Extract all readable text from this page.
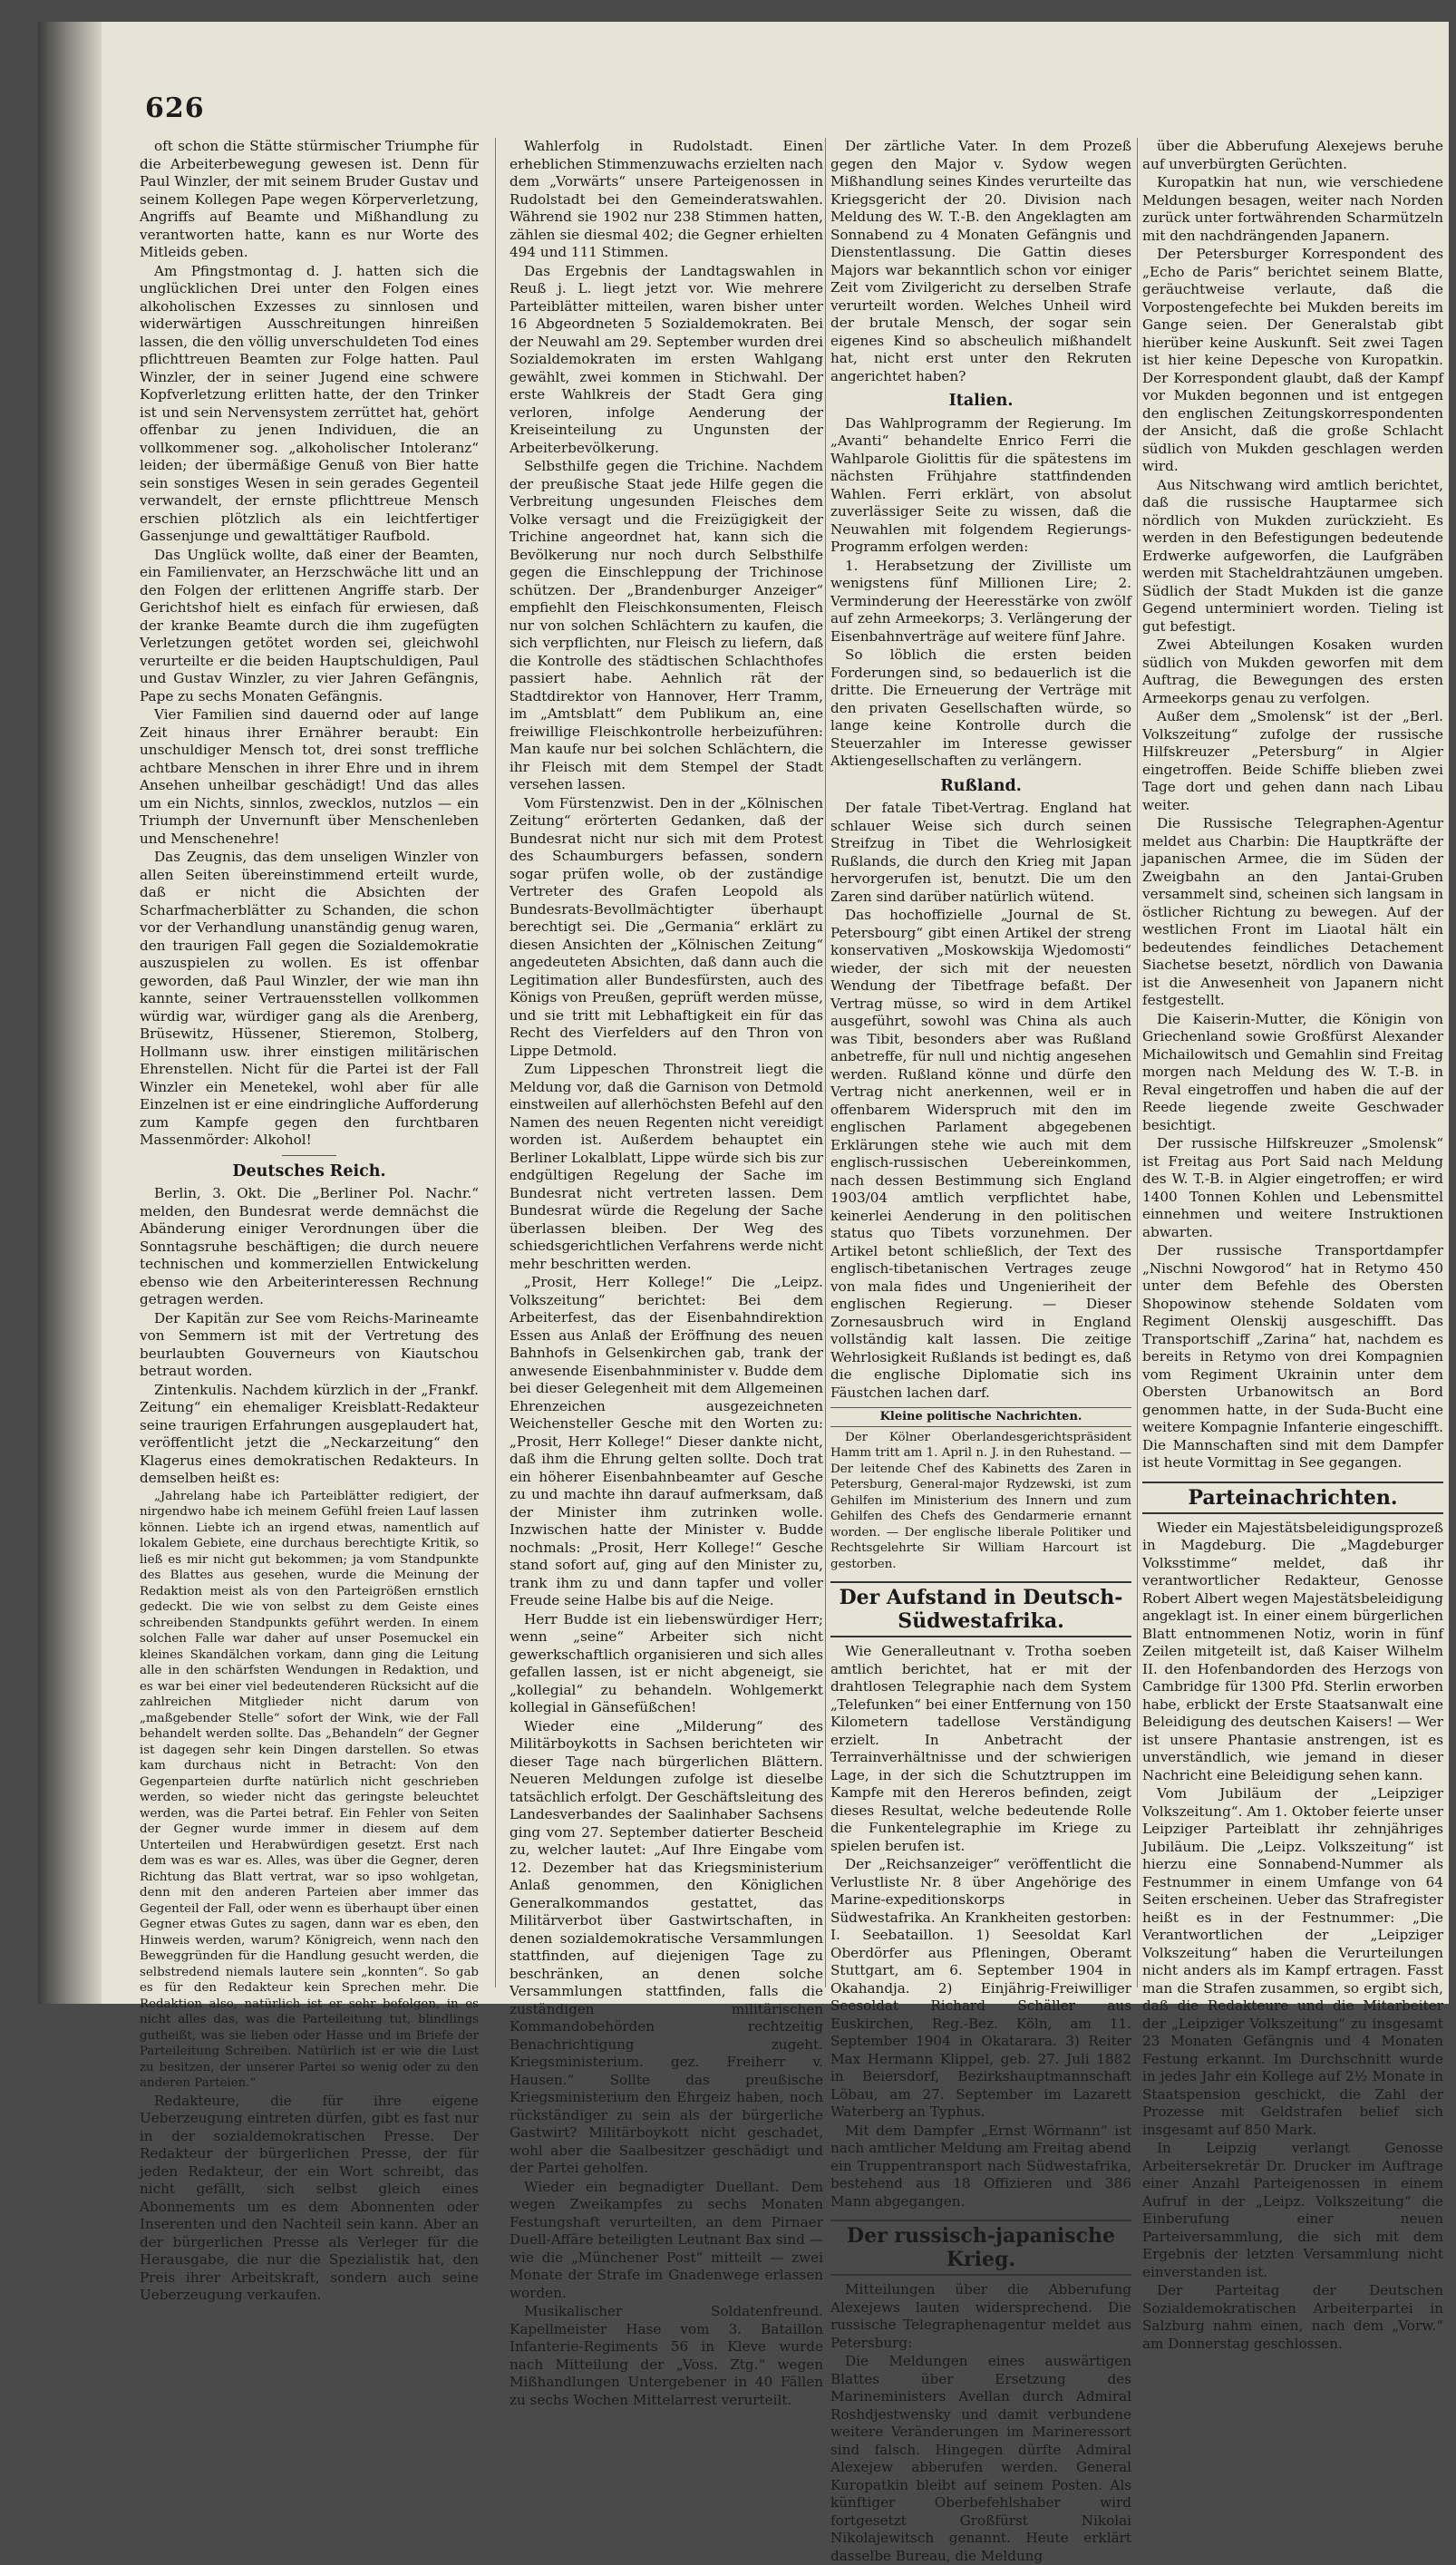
626

oft schon die Stätte stürmischer Triumphe für die Arbeiterbewegung gewesen ist. Denn für Paul Winzler, der mit seinem Bruder Gustav und seinem Kollegen Pape wegen Körperverletzung, Angriffs auf Beamte und Mißhandlung zu verantworten hatte, kann es nur Worte des Mitleids geben.

Am Pfingstmontag d. J. hatten sich die unglücklichen Drei unter den Folgen eines alkoholischen Exzesses zu sinnlosen und widerwärtigen Ausschreitungen hinreißen lassen, die den völlig unverschuldeten Tod eines pflichttreuen Beamten zur Folge hatten. Paul Winzler, der in seiner Jugend eine schwere Kopfverletzung erlitten hatte, der den Trinker ist und sein Nervensystem zerrüttet hat, gehört offenbar zu jenen Individuen, die an vollkommener sog. „alkoholischer Intoleranz“ leiden; der übermäßige Genuß von Bier hatte sein sonstiges Wesen in sein gerades Gegenteil verwandelt, der ernste pflichttreue Mensch erschien plötzlich als ein leichtfertiger Gassenjunge und gewalttätiger Raufbold.

Das Unglück wollte, daß einer der Beamten, ein Familienvater, an Herzschwäche litt und an den Folgen der erlittenen Angriffe starb. Der Gerichtshof hielt es einfach für erwiesen, daß der kranke Beamte durch die ihm zugefügten Verletzungen getötet worden sei, gleichwohl verurteilte er die beiden Hauptschuldigen, Paul und Gustav Winzler, zu vier Jahren Gefängnis, Pape zu sechs Monaten Gefängnis.

Vier Familien sind dauernd oder auf lange Zeit hinaus ihrer Ernährer beraubt: Ein unschuldiger Mensch tot, drei sonst treffliche achtbare Menschen in ihrer Ehre und in ihrem Ansehen unheilbar geschädigt! Und das alles um ein Nichts, sinnlos, zwecklos, nutzlos — ein Triumph der Unvernunft über Menschenleben und Menschenehre!

Das Zeugnis, das dem unseligen Winzler von allen Seiten übereinstimmend erteilt wurde, daß er nicht die Absichten der Scharfmacherblätter zu Schanden, die schon vor der Verhandlung unanständig genug waren, den traurigen Fall gegen die Sozialdemokratie auszuspielen zu wollen. Es ist offenbar geworden, daß Paul Winzler, der wie man ihn kannte, seiner Vertrauensstellen vollkommen würdig war, würdiger gang als die Arenberg, Brüsewitz, Hüssener, Stieremon, Stolberg, Hollmann usw. ihrer einstigen militärischen Ehrenstellen. Nicht für die Partei ist der Fall Winzler ein Menetekel, wohl aber für alle Einzelnen ist er eine eindringliche Aufforderung zum Kampfe gegen den furchtbaren Massenmörder: Alkohol!

Deutsches Reich.

Berlin, 3. Okt. Die „Berliner Pol. Nachr.“ melden, den Bundesrat werde demnächst die Abänderung einiger Verordnungen über die Sonntagsruhe beschäftigen; die durch neuere technischen und kommerziellen Entwickelung ebenso wie den Arbeiterinteressen Rechnung getragen werden.

Der Kapitän zur See vom Reichs-Marineamte von Semmern ist mit der Vertretung des beurlaubten Gouverneurs von Kiautschou betraut worden.

Zintenkulis. Nachdem kürzlich in der „Frankf. Zeitung“ ein ehemaliger Kreisblatt-Redakteur seine traurigen Erfahrungen ausgeplaudert hat, veröffentlicht jetzt die „Neckarzeitung“ den Klagerus eines demokratischen Redakteurs. In demselben heißt es:

„Jahrelang habe ich Parteiblätter redigiert, der nirgendwo habe ich meinem Gefühl freien Lauf lassen können. Liebte ich an irgend etwas, namentlich auf lokalem Gebiete, eine durchaus berechtigte Kritik, so ließ es mir nicht gut bekommen; ja vom Standpunkte des Blattes aus gesehen, wurde die Meinung der Redaktion meist als von den Parteigrößen ernstlich gedeckt. Die wie von selbst zu dem Geiste eines schreibenden Standpunkts geführt werden. In einem solchen Falle war daher auf unser Posemuckel ein kleines Skandälchen vorkam, dann ging die Leitung alle in den schärfsten Wendungen in Redaktion, und es war bei einer viel bedeutenderen Rücksicht auf die zahlreichen Mitglieder nicht darum von „maßgebender Stelle“ sofort der Wink, wie der Fall behandelt werden sollte. Das „Behandeln“ der Gegner ist dagegen sehr kein Dingen darstellen. So etwas kam durchaus nicht in Betracht: Von den Gegenparteien durfte natürlich nicht geschrieben werden, so wieder nicht das geringste beleuchtet werden, was die Partei betraf. Ein Fehler von Seiten der Gegner wurde immer in diesem auf dem Unterteilen und Herabwürdigen gesetzt. Erst nach dem was es war es. Alles, was über die Gegner, deren Richtung das Blatt vertrat, war so ipso wohlgetan, denn mit den anderen Parteien aber immer das Gegenteil der Fall, oder wenn es überhaupt über einen Gegner etwas Gutes zu sagen, dann war es eben, den Hinweis werden, warum? Königreich, wenn nach den Beweggründen für die Handlung gesucht werden, die selbstredend niemals lautere sein „konnten“. So gab es für den Redakteur kein Sprechen mehr. Die Redaktion also, natürlich ist er sehr befolgen, in es nicht alles das, was die Parteileitung tut, blindlings gutheißt, was sie lieben oder Hasse und im Briefe der Parteileitung Schreiben. Natürlich ist er wie die Lust zu besitzen, der unserer Partei so wenig oder zu den anderen Parteien.“

Redakteure, die für ihre eigene Ueberzeugung eintreten dürfen, gibt es fast nur in der sozialdemokratischen Presse. Der Redakteur der bürgerlichen Presse, der für jeden Redakteur, der ein Wort schreibt, das nicht gefällt, sich selbst gleich eines Abonnements um es dem Abonnenten oder Inserenten und den Nachteil sein kann. Aber an der bürgerlichen Presse als Verleger für die Herausgabe, die nur die Spezialistik hat, den Preis ihrer Arbeitskraft, sondern auch seine Ueberzeugung verkaufen.

Wahlerfolg in Rudolstadt. Einen erheblichen Stimmenzuwachs erzielten nach dem „Vorwärts“ unsere Parteigenossen in Rudolstadt bei den Gemeinderatswahlen. Während sie 1902 nur 238 Stimmen hatten, zählen sie diesmal 402; die Gegner erhielten 494 und 111 Stimmen.

Das Ergebnis der Landtagswahlen in Reuß j. L. liegt jetzt vor. Wie mehrere Parteiblätter mitteilen, waren bisher unter 16 Abgeordneten 5 Sozialdemokraten. Bei der Neuwahl am 29. September wurden drei Sozialdemokraten im ersten Wahlgang gewählt, zwei kommen in Stichwahl. Der erste Wahlkreis der Stadt Gera ging verloren, infolge Aenderung der Kreiseinteilung zu Ungunsten der Arbeiterbevölkerung.

Selbsthilfe gegen die Trichine. Nachdem der preußische Staat jede Hilfe gegen die Verbreitung ungesunden Fleisches dem Volke versagt und die Freizügigkeit der Trichine angeordnet hat, kann sich die Bevölkerung nur noch durch Selbsthilfe gegen die Einschleppung der Trichinose schützen. Der „Brandenburger Anzeiger“ empfiehlt den Fleischkonsumenten, Fleisch nur von solchen Schlächtern zu kaufen, die sich verpflichten, nur Fleisch zu liefern, daß die Kontrolle des städtischen Schlachthofes passiert habe. Aehnlich rät der Stadtdirektor von Hannover, Herr Tramm, im „Amtsblatt“ dem Publikum an, eine freiwillige Fleischkontrolle herbeizuführen: Man kaufe nur bei solchen Schlächtern, die ihr Fleisch mit dem Stempel der Stadt versehen lassen.

Vom Fürstenzwist. Den in der „Kölnischen Zeitung“ erörterten Gedanken, daß der Bundesrat nicht nur sich mit dem Protest des Schaumburgers befassen, sondern sogar prüfen wolle, ob der zuständige Vertreter des Grafen Leopold als Bundesrats-Bevollmächtigter überhaupt berechtigt sei. Die „Germania“ erklärt zu diesen Ansichten der „Kölnischen Zeitung“ angedeuteten Absichten, daß dann auch die Legitimation aller Bundesfürsten, auch des Königs von Preußen, geprüft werden müsse, und sie tritt mit Lebhaftigkeit ein für das Recht des Vierfelders auf den Thron von Lippe Detmold.

Zum Lippeschen Thronstreit liegt die Meldung vor, daß die Garnison von Detmold einstweilen auf allerhöchsten Befehl auf den Namen des neuen Regenten nicht vereidigt worden ist. Außerdem behauptet ein Berliner Lokalblatt, Lippe würde sich bis zur endgültigen Regelung der Sache im Bundesrat nicht vertreten lassen. Dem Bundesrat würde die Regelung der Sache überlassen bleiben. Der Weg des schiedsgerichtlichen Verfahrens werde nicht mehr beschritten werden.

„Prosit, Herr Kollege!“ Die „Leipz. Volkszeitung“ berichtet: Bei dem Arbeiterfest, das der Eisenbahndirektion Essen aus Anlaß der Eröffnung des neuen Bahnhofs in Gelsenkirchen gab, trank der anwesende Eisenbahnminister v. Budde dem bei dieser Gelegenheit mit dem Allgemeinen Ehrenzeichen ausgezeichneten Weichensteller Gesche mit den Worten zu: „Prosit, Herr Kollege!“ Dieser dankte nicht, daß ihm die Ehrung gelten sollte. Doch trat ein höherer Eisenbahnbeamter auf Gesche zu und machte ihn darauf aufmerksam, daß der Minister ihm zutrinken wolle. Inzwischen hatte der Minister v. Budde nochmals: „Prosit, Herr Kollege!“ Gesche stand sofort auf, ging auf den Minister zu, trank ihm zu und dann tapfer und voller Freude seine Halbe bis auf die Neige.

Herr Budde ist ein liebenswürdiger Herr; wenn „seine“ Arbeiter sich nicht gewerkschaftlich organisieren und sich alles gefallen lassen, ist er nicht abgeneigt, sie „kollegial“ zu behandeln. Wohlgemerkt kollegial in Gänsefüßchen!

Wieder eine „Milderung“ des Militärboykotts in Sachsen berichteten wir dieser Tage nach bürgerlichen Blättern. Neueren Meldungen zufolge ist dieselbe tatsächlich erfolgt. Der Geschäftsleitung des Landesverbandes der Saalinhaber Sachsens ging vom 27. September datierter Bescheid zu, welcher lautet: „Auf Ihre Eingabe vom 12. Dezember hat das Kriegsministerium Anlaß genommen, den Königlichen Generalkommandos gestattet, das Militärverbot über Gastwirtschaften, in denen sozialdemokratische Versammlungen stattfinden, auf diejenigen Tage zu beschränken, an denen solche Versammlungen stattfinden, falls die zuständigen militärischen Kommandobehörden rechtzeitig Benachrichtigung zugeht. Kriegsministerium. gez. Freiherr v. Hausen.“ Sollte das preußische Kriegsministerium den Ehrgeiz haben, noch rückständiger zu sein als der bürgerliche Gastwirt? Militärboykott nicht geschadet, wohl aber die Saalbesitzer geschädigt und der Partei geholfen.

Wieder ein begnadigter Duellant. Dem wegen Zweikampfes zu sechs Monaten Festungshaft verurteilten, an dem Pirnaer Duell-Affäre beteiligten Leutnant Bax sind — wie die „Münchener Post“ mitteilt — zwei Monate der Strafe im Gnadenwege erlassen worden.

Musikalischer Soldatenfreund. Kapellmeister Hase vom 3. Bataillon Infanterie-Regiments 56 in Kleve wurde nach Mitteilung der „Voss. Ztg.“ wegen Mißhandlungen Untergebener in 40 Fällen zu sechs Wochen Mittelarrest verurteilt.

Der zärtliche Vater. In dem Prozeß gegen den Major v. Sydow wegen Mißhandlung seines Kindes verurteilte das Kriegsgericht der 20. Division nach Meldung des W. T.-B. den Angeklagten am Sonnabend zu 4 Monaten Gefängnis und Dienstentlassung. Die Gattin dieses Majors war bekanntlich schon vor einiger Zeit vom Zivilgericht zu derselben Strafe verurteilt worden. Welches Unheil wird der brutale Mensch, der sogar sein eigenes Kind so abscheulich mißhandelt hat, nicht erst unter den Rekruten angerichtet haben?

Italien.

Das Wahlprogramm der Regierung. Im „Avanti“ behandelte Enrico Ferri die Wahlparole Giolittis für die spätestens im nächsten Frühjahre stattfindenden Wahlen. Ferri erklärt, von absolut zuverlässiger Seite zu wissen, daß die Neuwahlen mit folgendem Regierungs-Programm erfolgen werden:

1. Herabsetzung der Zivilliste um wenigstens fünf Millionen Lire; 2. Verminderung der Heeresstärke von zwölf auf zehn Armeekorps; 3. Verlängerung der Eisenbahnverträge auf weitere fünf Jahre.

So löblich die ersten beiden Forderungen sind, so bedauerlich ist die dritte. Die Erneuerung der Verträge mit den privaten Gesellschaften würde, so lange keine Kontrolle durch die Steuerzahler im Interesse gewisser Aktiengesellschaften zu verlängern.

Rußland.

Der fatale Tibet-Vertrag. England hat schlauer Weise sich durch seinen Streifzug in Tibet die Wehrlosigkeit Rußlands, die durch den Krieg mit Japan hervorgerufen ist, benutzt. Die um den Zaren sind darüber natürlich wütend.

Das hochoffizielle „Journal de St. Petersbourg“ gibt einen Artikel der streng konservativen „Moskowskija Wjedomosti“ wieder, der sich mit der neuesten Wendung der Tibetfrage befaßt. Der Vertrag müsse, so wird in dem Artikel ausgeführt, sowohl was China als auch was Tibit, besonders aber was Rußland anbetreffe, für null und nichtig angesehen werden. Rußland könne und dürfe den Vertrag nicht anerkennen, weil er in offenbarem Widerspruch mit den im englischen Parlament abgegebenen Erklärungen stehe wie auch mit dem englisch-russischen Uebereinkommen, nach dessen Bestimmung sich England 1903/04 amtlich verpflichtet habe, keinerlei Aenderung in den politischen status quo Tibets vorzunehmen. Der Artikel betont schließlich, der Text des englisch-tibetanischen Vertrages zeuge von mala fides und Ungenieriheit der englischen Regierung. — Dieser Zornesausbruch wird in England vollständig kalt lassen. Die zeitige Wehrlosigkeit Rußlands ist bedingt es, daß die englische Diplomatie sich ins Fäustchen lachen darf.

Kleine politische Nachrichten.

Der Kölner Oberlandesgerichtspräsident Hamm tritt am 1. April n. J. in den Ruhestand. — Der leitende Chef des Kabinetts des Zaren in Petersburg, General-major Rydzewski, ist zum Gehilfen im Ministerium des Innern und zum Gehilfen des Chefs des Gendarmerie ernannt worden. — Der englische liberale Politiker und Rechtsgelehrte Sir William Harcourt ist gestorben.

Der Aufstand in Deutsch-Südwestafrika.

Wie Generalleutnant v. Trotha soeben amtlich berichtet, hat er mit der drahtlosen Telegraphie nach dem System „Telefunken“ bei einer Entfernung von 150 Kilometern tadellose Verständigung erzielt. In Anbetracht der Terrainverhältnisse und der schwierigen Lage, in der sich die Schutztruppen im Kampfe mit den Hereros befinden, zeigt dieses Resultat, welche bedeutende Rolle die Funkentelegraphie im Kriege zu spielen berufen ist.

Der „Reichsanzeiger“ veröffentlicht die Verlustliste Nr. 8 über Angehörige des Marine-expeditionskorps in Südwestafrika. An Krankheiten gestorben: I. Seebataillon. 1) Seesoldat Karl Oberdörfer aus Pfleningen, Oberamt Stuttgart, am 6. September 1904 in Okahandja. 2) Einjährig-Freiwilliger Seesoldat Richard Schäller aus Euskirchen, Reg.-Bez. Köln, am 11. September 1904 in Okatarara. 3) Reiter Max Hermann Klippel, geb. 27. Juli 1882 in Beiersdorf, Bezirkshauptmannschaft Löbau, am 27. September im Lazarett Waterberg an Typhus.

Mit dem Dampfer „Ernst Wörmann“ ist nach amtlicher Meldung am Freitag abend ein Truppentransport nach Südwestafrika, bestehend aus 18 Offizieren und 386 Mann abgegangen.

Der russisch-japanische Krieg.

Mitteilungen über die Abberufung Alexejews lauten widersprechend. Die russische Telegraphenagentur meldet aus Petersburg:

Die Meldungen eines auswärtigen Blattes über Ersetzung des Marineministers Avellan durch Admiral Roshdjestwensky und damit verbundene weitere Veränderungen im Marineressort sind falsch. Hingegen dürfte Admiral Alexejew abberufen werden. General Kuropatkin bleibt auf seinem Posten. Als künftiger Oberbefehlshaber wird fortgesetzt Großfürst Nikolai Nikolajewitsch genannt. Heute erklärt dasselbe Bureau, die Meldung

über die Abberufung Alexejews beruhe auf unverbürgten Gerüchten.

Kuropatkin hat nun, wie verschiedene Meldungen besagen, weiter nach Norden zurück unter fortwährenden Scharmützeln mit den nachdrängenden Japanern.

Der Petersburger Korrespondent des „Echo de Paris“ berichtet seinem Blatte, geräuchtweise verlaute, daß die Vorpostengefechte bei Mukden bereits im Gange seien. Der Generalstab gibt hierüber keine Auskunft. Seit zwei Tagen ist hier keine Depesche von Kuropatkin. Der Korrespondent glaubt, daß der Kampf vor Mukden begonnen und ist entgegen den englischen Zeitungskorrespondenten der Ansicht, daß die große Schlacht südlich von Mukden geschlagen werden wird.

Aus Nitschwang wird amtlich berichtet, daß die russische Hauptarmee sich nördlich von Mukden zurückzieht. Es werden in den Befestigungen bedeutende Erdwerke aufgeworfen, die Laufgräben werden mit Stacheldrahtzäunen umgeben. Südlich der Stadt Mukden ist die ganze Gegend unterminiert worden. Tieling ist gut befestigt.

Zwei Abteilungen Kosaken wurden südlich von Mukden geworfen mit dem Auftrag, die Bewegungen des ersten Armeekorps genau zu verfolgen.

Außer dem „Smolensk“ ist der „Berl. Volkszeitung“ zufolge der russische Hilfskreuzer „Petersburg“ in Algier eingetroffen. Beide Schiffe blieben zwei Tage dort und gehen dann nach Libau weiter.

Die Russische Telegraphen-Agentur meldet aus Charbin: Die Hauptkräfte der japanischen Armee, die im Süden der Zweigbahn an den Jantai-Gruben versammelt sind, scheinen sich langsam in östlicher Richtung zu bewegen. Auf der westlichen Front im Liaotal hält ein bedeutendes feindliches Detachement Siachetse besetzt, nördlich von Dawania ist die Anwesenheit von Japanern nicht festgestellt.

Die Kaiserin-Mutter, die Königin von Griechenland sowie Großfürst Alexander Michailowitsch und Gemahlin sind Freitag morgen nach Meldung des W. T.-B. in Reval eingetroffen und haben die auf der Reede liegende zweite Geschwader besichtigt.

Der russische Hilfskreuzer „Smolensk“ ist Freitag aus Port Said nach Meldung des W. T.-B. in Algier eingetroffen; er wird 1400 Tonnen Kohlen und Lebensmittel einnehmen und weitere Instruktionen abwarten.

Der russische Transportdampfer „Nischni Nowgorod“ hat in Retymo 450 unter dem Befehle des Obersten Shopowinow stehende Soldaten vom Regiment Olenskij ausgeschifft. Das Transportschiff „Zarina“ hat, nachdem es bereits in Retymo von drei Kompagnien vom Regiment Ukrainin unter dem Obersten Urbanowitsch an Bord genommen hatte, in der Suda-Bucht eine weitere Kompagnie Infanterie eingeschifft. Die Mannschaften sind mit dem Dampfer ist heute Vormittag in See gegangen.

Parteinachrichten.

Wieder ein Majestätsbeleidigungsprozeß in Magdeburg. Die „Magdeburger Volksstimme“ meldet, daß ihr verantwortlicher Redakteur, Genosse Robert Albert wegen Majestätsbeleidigung angeklagt ist. In einer einem bürgerlichen Blatt entnommenen Notiz, worin in fünf Zeilen mitgeteilt ist, daß Kaiser Wilhelm II. den Hofenbandorden des Herzogs von Cambridge für 1300 Pfd. Sterlin erworben habe, erblickt der Erste Staatsanwalt eine Beleidigung des deutschen Kaisers! — Wer ist unsere Phantasie anstrengen, ist es unverständlich, wie jemand in dieser Nachricht eine Beleidigung sehen kann.

Vom Jubiläum der „Leipziger Volkszeitung“. Am 1. Oktober feierte unser Leipziger Parteiblatt ihr zehnjähriges Jubiläum. Die „Leipz. Volkszeitung“ ist hierzu eine Sonnabend-Nummer als Festnummer in einem Umfange von 64 Seiten erscheinen. Ueber das Strafregister heißt es in der Festnummer: „Die Verantwortlichen der „Leipziger Volkszeitung“ haben die Verurteilungen nicht anders als im Kampf ertragen. Fasst man die Strafen zusammen, so ergibt sich, daß die Redakteure und die Mitarbeiter der „Leipziger Volkszeitung“ zu insgesamt 23 Monaten Gefängnis und 4 Monaten Festung erkannt. Im Durchschnitt wurde in jedes Jahr ein Kollege auf 2½ Monate in Staatspension geschickt, die Zahl der Prozesse mit Geldstrafen belief sich insgesamt auf 850 Mark.

In Leipzig verlangt Genosse Arbeitersekretär Dr. Drucker im Auftrage einer Anzahl Parteigenossen in einem Aufruf in der „Leipz. Volkszeitung“ die Einberufung einer neuen Parteiversammlung, die sich mit dem Ergebnis der letzten Versammlung nicht einverstanden ist.

Der Parteitag der Deutschen Sozialdemokratischen Arbeiterpartei in Salzburg nahm einen, nach dem „Vorw.“ am Donnerstag geschlossen.
